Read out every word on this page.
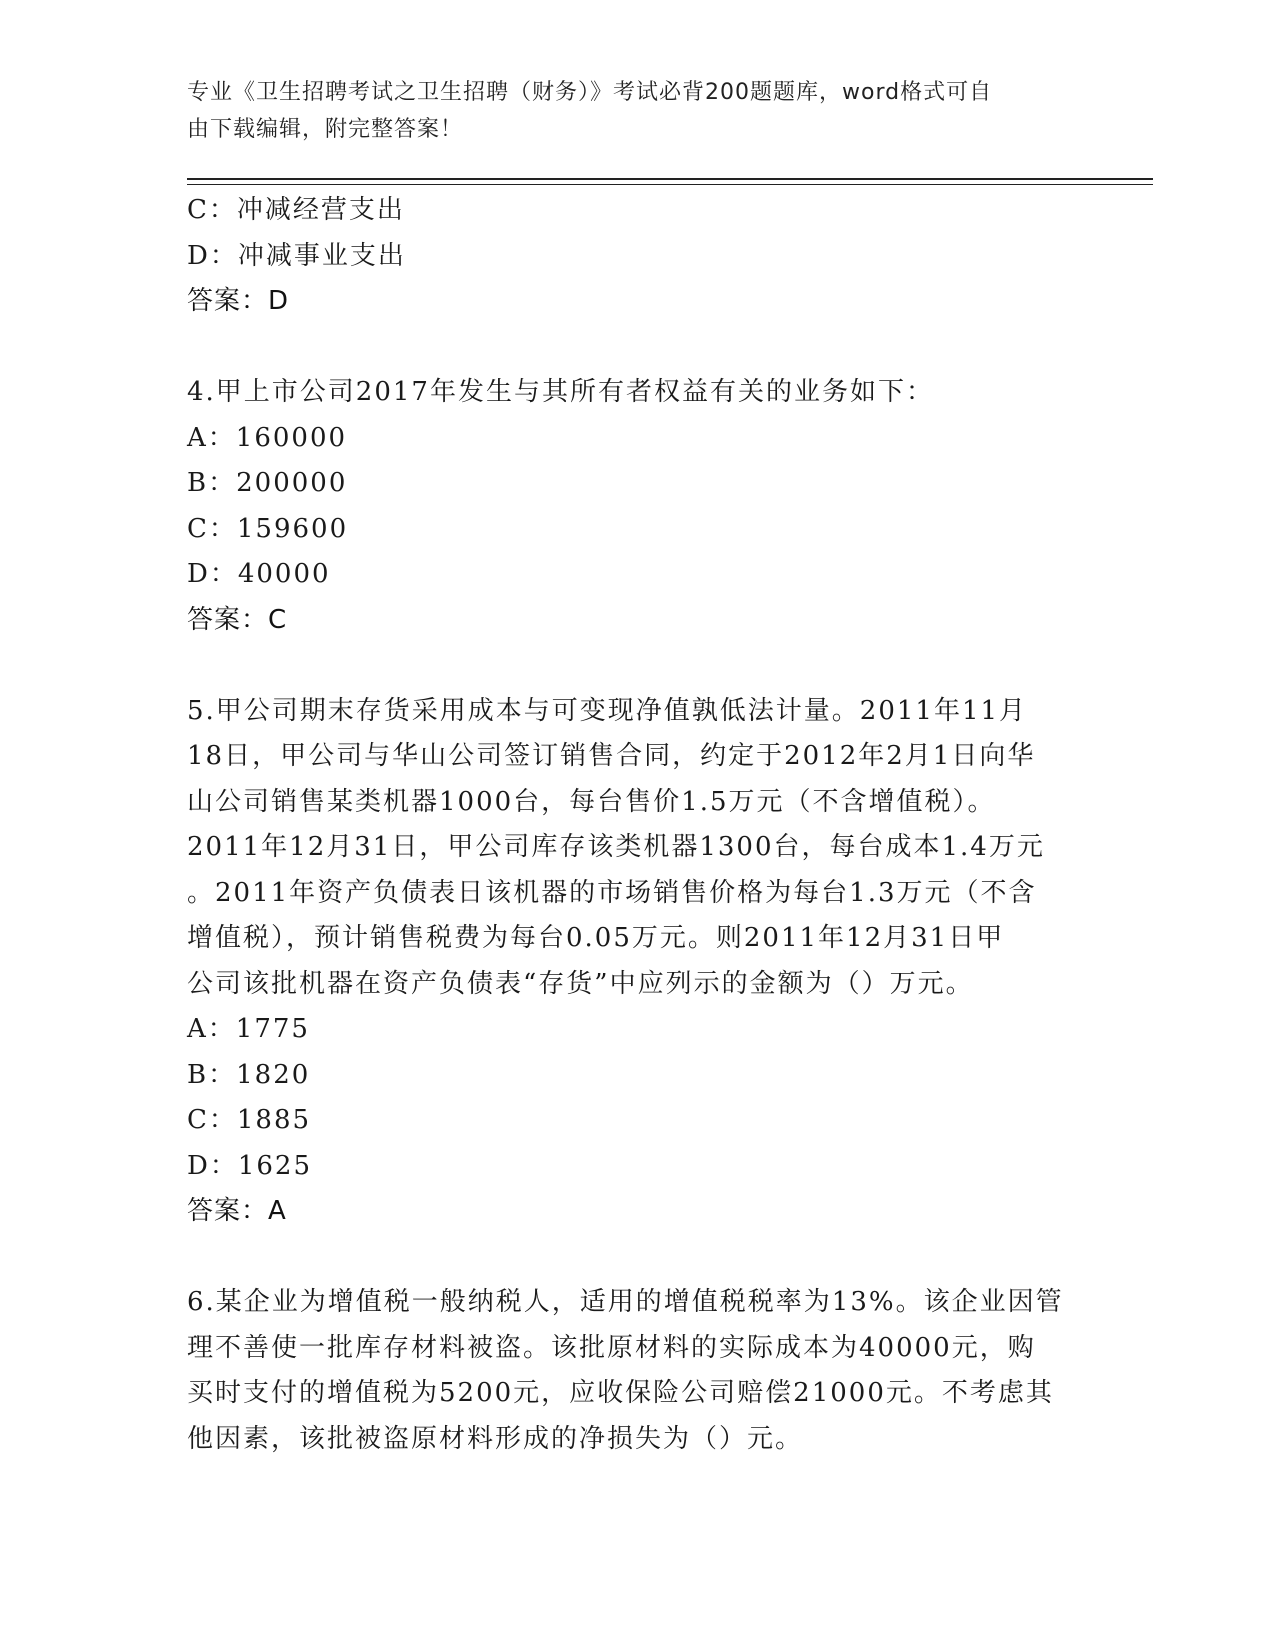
专业《卫生招聘考试之卫生招聘（财务）》考试必背200题题库，word格式可自
由下载编辑，附完整答案！
C：冲减经营支出
D：冲减事业支出
答案：D
4.甲上市公司2017年发生与其所有者权益有关的业务如下：
A：160000
B：200000
C：159600
D：40000
答案：C
5.甲公司期末存货采用成本与可变现净值孰低法计量。2011年11月
18日，甲公司与华山公司签订销售合同，约定于2012年2月1日向华
山公司销售某类机器1000台，每台售价1.5万元（不含增值税）。
2011年12月31日，甲公司库存该类机器1300台，每台成本1.4万元
。2011年资产负债表日该机器的市场销售价格为每台1.3万元（不含
增值税），预计销售税费为每台0.05万元。则2011年12月31日甲
公司该批机器在资产负债表“存货”中应列示的金额为（）万元。
A：1775
B：1820
C：1885
D：1625
答案：A
6.某企业为增值税一般纳税人，适用的增值税税率为13%。该企业因管
理不善使一批库存材料被盗。该批原材料的实际成本为40000元，购
买时支付的增值税为5200元，应收保险公司赔偿21000元。不考虑其
他因素，该批被盗原材料形成的净损失为（）元。
